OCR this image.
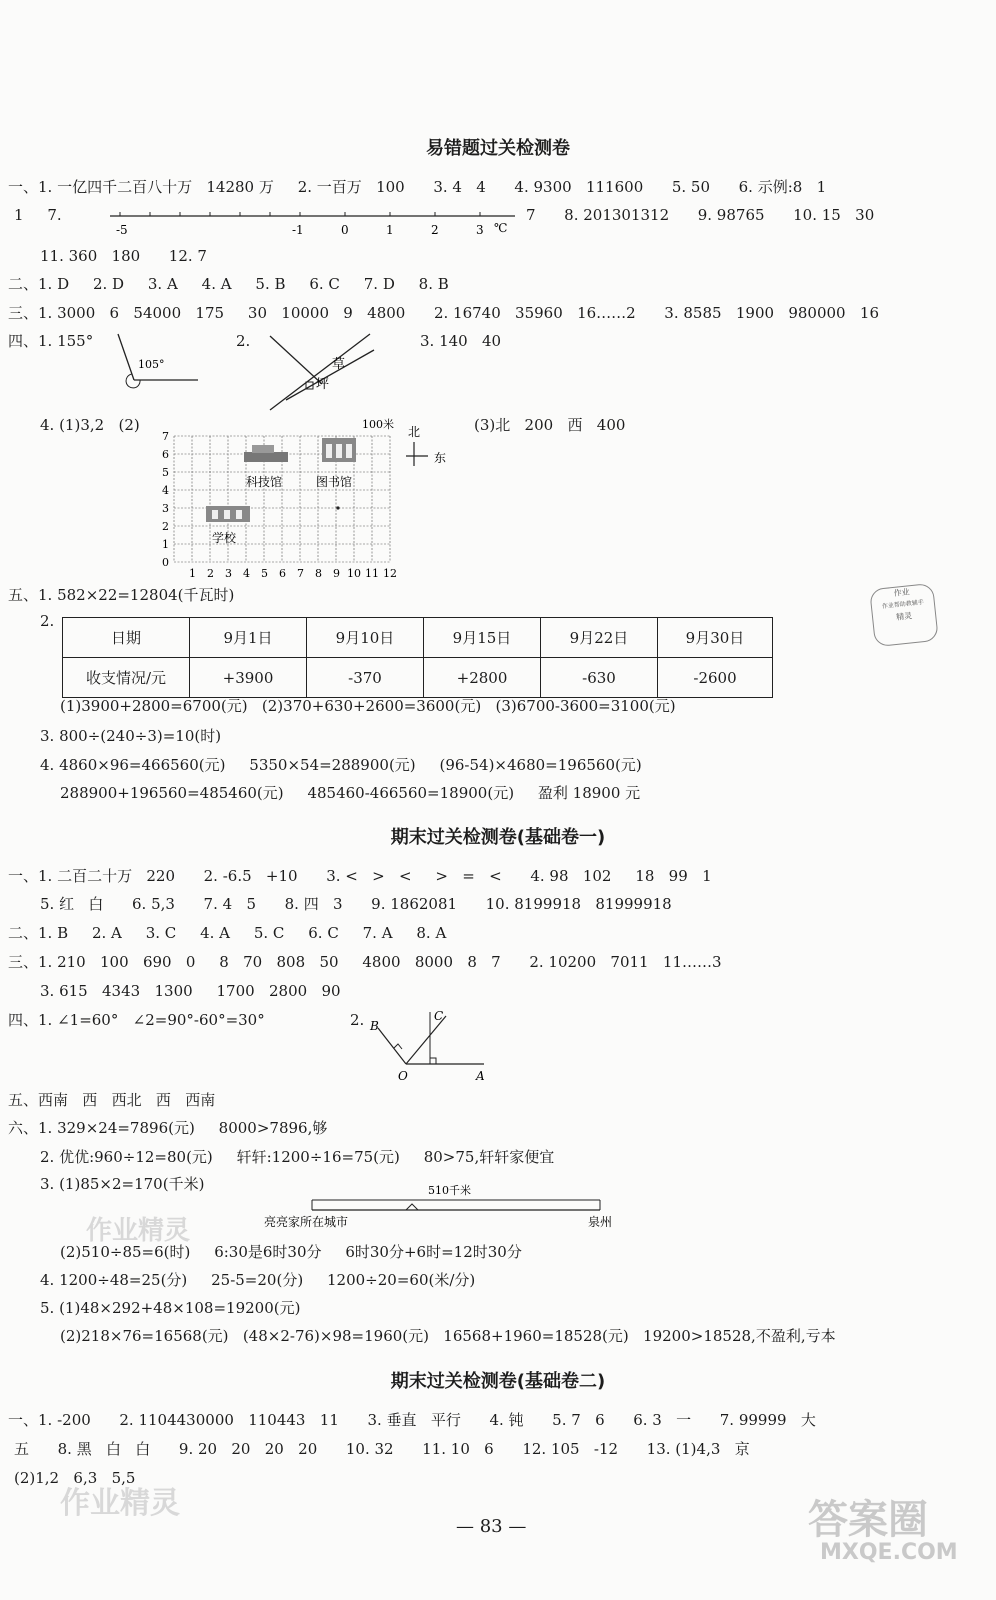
易错题过关检测卷
一、1. 一亿四千二百八十万   14280 万     2. 一百万   100      3. 4   4      4. 9300   111600      5. 50      6. 示例:8   1
1     7.
-5	-1	0	1	2	3 ℃
7      8. 201301312      9. 98765      10. 15   30
11. 360   180      12. 7
二、1. D     2. D     3. A     4. A     5. B     6. C     7. D     8. B
三、1. 3000   6   54000   175     30   10000   9   4800      2. 16740   35960   16……2      3. 8585   1900   980000   16
四、1. 155°
105°
2.
草
坪
3. 140   40
4. (1)3,2   (2)
7
6
5
4
3
2
1
0
1 2 3 4 5 6 7 8 9 10 11 12
100米
北
东
科技馆	图书馆
学校
(3)北   200   西   400
五、1. 582×22=12804(千瓦时)
2.
日期	9月1日	9月10日	9月15日	9月22日	9月30日
收支情况/元	+3900	-370	+2800	-630	-2600
(1)3900+2800=6700(元)   (2)370+630+2600=3600(元)   (3)6700-3600=3100(元)
3. 800÷(240÷3)=10(时)
4. 4860×96=466560(元)     5350×54=288900(元)     (96-54)×4680=196560(元)
288900+196560=485460(元)     485460-466560=18900(元)     盈利 18900 元
作业
作业帮助教辅手
精灵
期末过关检测卷(基础卷一)
一、1. 二百二十万   220      2. -6.5   +10      3. <   >   <     >   =   <      4. 98   102     18   99   1
5. 红   白      6. 5,3      7. 4   5      8. 四   3      9. 1862081      10. 8199918   81999918
二、1. B     2. A     3. C     4. A     5. C     6. C     7. A     8. A
三、1. 210   100   690   0     8   70   808   50     4800   8000   8   7      2. 10200   7011   11……3
3. 615   4343   1300     1700   2800   90
四、1. ∠1=60°   ∠2=90°-60°=30°	2. B
C
O	A
五、西南   西   西北   西   西南
六、1. 329×24=7896(元)     8000>7896,够
2. 优优:960÷12=80(元)     轩轩:1200÷16=75(元)     80>75,轩轩家便宜
3. (1)85×2=170(千米)	510千米
亮亮家所在城市	泉州
(2)510÷85=6(时)     6:30是6时30分     6时30分+6时=12时30分
4. 1200÷48=25(分)     25-5=20(分)     1200÷20=60(米/分)
5. (1)48×292+48×108=19200(元)
(2)218×76=16568(元)   (48×2-76)×98=1960(元)   16568+1960=18528(元)   19200>18528,不盈利,亏本
期末过关检测卷(基础卷二)
一、1. -200      2. 1104430000   110443   11      3. 垂直   平行      4. 钝      5. 7   6      6. 3   一      7. 99999   大
五      8. 黑   白   白      9. 20   20   20   20      10. 32      11. 10   6      12. 105   -12      13. (1)4,3   京
(2)1,2   6,3   5,5
作业精灵
作业精灵	答案圈
MXQE.COM
— 83 —
